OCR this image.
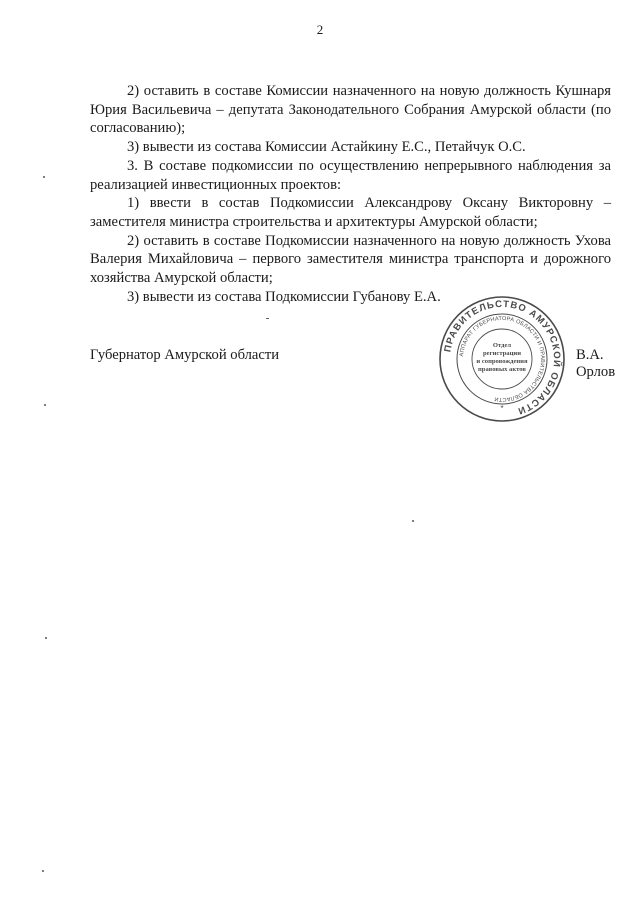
2

2) оставить в составе Комиссии назначенного на новую должность Кушнаря Юрия Васильевича – депутата Законодательного Собрания Амурской области (по согласованию);

3) вывести из состава Комиссии Астайкину Е.С., Петайчук О.С.

3. В составе подкомиссии по осуществлению непрерывного наблюдения за реализацией инвестиционных проектов:

1) ввести в состав Подкомиссии Александрову Оксану Викторовну – заместителя министра строительства и архитектуры Амурской области;

2) оставить в составе Подкомиссии назначенного на новую должность Ухова Валерия Михайловича – первого заместителя министра транспорта и дорожного хозяйства Амурской области;

3) вывести из состава Подкомиссии Губанову Е.А.

Губернатор Амурской области	В.А. Орлов
ПРАВИТЕЛЬСТВО АМУРСКОЙ ОБЛАСТИ
АППАРАТ ГУБЕРНАТОРА ОБЛАСТИ И ПРАВИТЕЛЬСТВА ОБЛАСТИ
Отдел
регистрации
и сопровождения
правовых актов
*
